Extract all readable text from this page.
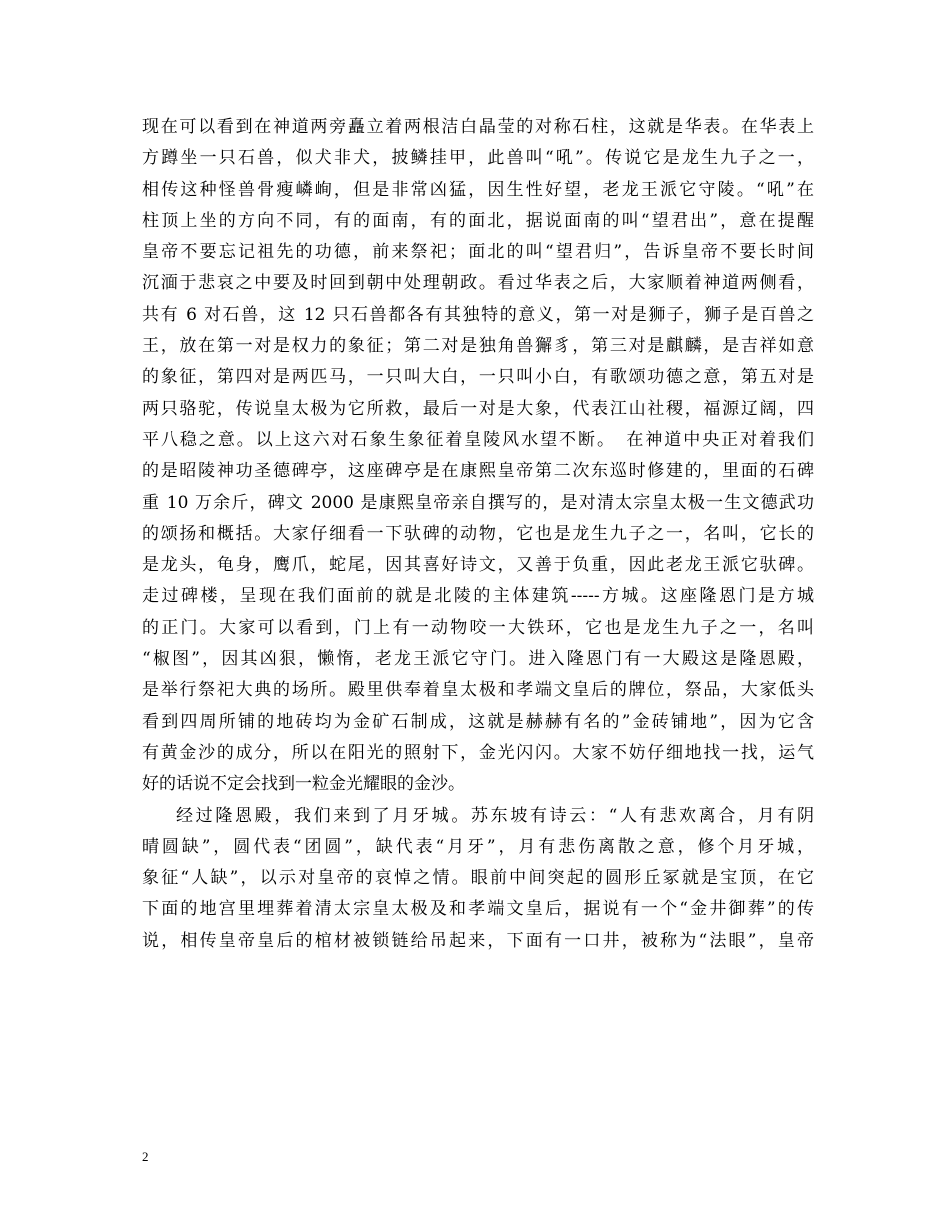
现在可以看到在神道两旁矗立着两根洁白晶莹的对称石柱，这就是华表。在华表上
方蹲坐一只石兽，似犬非犬，披鳞挂甲，此兽叫“吼”。传说它是龙生九子之一，
相传这种怪兽骨瘦嶙峋，但是非常凶猛，因生性好望，老龙王派它守陵。“吼”在
柱顶上坐的方向不同，有的面南，有的面北，据说面南的叫“望君出”，意在提醒
皇帝不要忘记祖先的功德，前来祭祀；面北的叫“望君归”，告诉皇帝不要长时间
沉湎于悲哀之中要及时回到朝中处理朝政。看过华表之后，大家顺着神道两侧看，
共有 6 对石兽，这 12 只石兽都各有其独特的意义，第一对是狮子，狮子是百兽之
王，放在第一对是权力的象征；第二对是独角兽獬豸，第三对是麒麟，是吉祥如意
的象征，第四对是两匹马，一只叫大白，一只叫小白，有歌颂功德之意，第五对是
两只骆驼，传说皇太极为它所救，最后一对是大象，代表江山社稷，福源辽阔，四
平八稳之意。以上这六对石象生象征着皇陵风水望不断。　在神道中央正对着我们
的是昭陵神功圣德碑亭，这座碑亭是在康熙皇帝第二次东巡时修建的，里面的石碑
重 10 万余斤，碑文 2000 是康熙皇帝亲自撰写的，是对清太宗皇太极一生文德武功
的颂扬和概括。大家仔细看一下驮碑的动物，它也是龙生九子之一，名叫，它长的
是龙头，龟身，鹰爪，蛇尾，因其喜好诗文，又善于负重，因此老龙王派它驮碑。
走过碑楼，呈现在我们面前的就是北陵的主体建筑-----方城。这座隆恩门是方城
的正门。大家可以看到，门上有一动物咬一大铁环，它也是龙生九子之一，名叫
“椒图”，因其凶狠，懒惰，老龙王派它守门。进入隆恩门有一大殿这是隆恩殿，
是举行祭祀大典的场所。殿里供奉着皇太极和孝端文皇后的牌位，祭品，大家低头
看到四周所铺的地砖均为金矿石制成，这就是赫赫有名的”金砖铺地”，因为它含
有黄金沙的成分，所以在阳光的照射下，金光闪闪。大家不妨仔细地找一找，运气
好的话说不定会找到一粒金光耀眼的金沙。
经过隆恩殿，我们来到了月牙城。苏东坡有诗云：“人有悲欢离合，月有阴
晴圆缺”，圆代表“团圆”，缺代表“月牙”，月有悲伤离散之意，修个月牙城，
象征“人缺”，以示对皇帝的哀悼之情。眼前中间突起的圆形丘冢就是宝顶，在它
下面的地宫里埋葬着清太宗皇太极及和孝端文皇后，据说有一个“金井御葬”的传
说，相传皇帝皇后的棺材被锁链给吊起来，下面有一口井，被称为“法眼”，皇帝
2
